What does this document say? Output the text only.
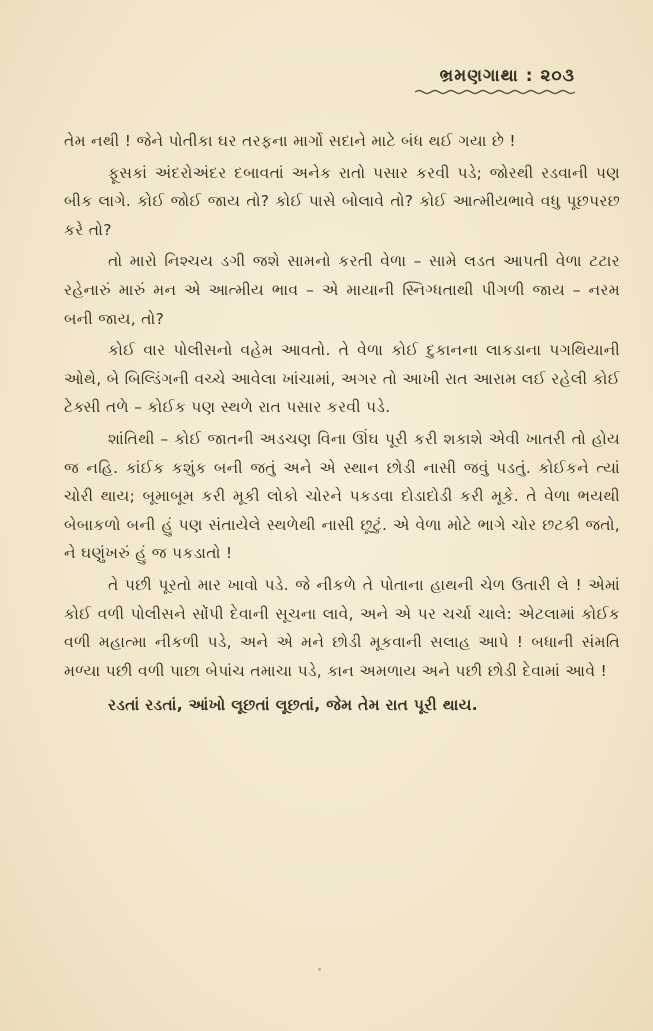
ભ્રમણગાથા : ૨૦૩

તેમ નથી ! જેને પોતીકા ઘર તરફના માર્ગો સદાને માટે બંધ થઈ ગયા છે !

ફૂસકાં અંદરોઅંદર દબાવતાં અનેક રાતો પસાર કરવી પડે; જોરથી રડવાની પણ બીક લાગે. કોઈ જોઈ જાય તો? કોઈ પાસે બોલાવે તો? કોઈ આત્મીયભાવે વધુ પૂછપરછ કરે તો?

તો મારો નિશ્ચય ડગી જશે સામનો કરતી વેળા – સામે લડત આપતી વેળા ટટાર રહેનારું મારું મન એ આત્મીય ભાવ – એ માયાની સ્નિગ્ધતાથી પીગળી જાય – નરમ બની જાય, તો?

કોઈ વાર પોલીસનો વહેમ આવતો. તે વેળા કોઈ દુકાનના લાકડાના પગથિયાની ઓથે, બે બિલ્ડિંગની વચ્ચે આવેલા ખાંચામાં, અગર તો આખી રાત આરામ લઈ રહેલી કોઈ ટેક્સી તળે – કોઈક પણ સ્થળે રાત પસાર કરવી પડે.

શાંતિથી – કોઈ જાતની અડચણ વિના ઊંઘ પૂરી કરી શકાશે એવી ખાતરી તો હોય જ નહિ. કાંઈક કશુંક બની જતું અને એ સ્થાન છોડી નાસી જવું પડતું. કોઈકને ત્યાં ચોરી થાય; બૂમાબૂમ કરી મૂકી લોકો ચોરને પકડવા દોડાદોડી કરી મૂકે. તે વેળા ભયથી બેબાકળો બની હું પણ સંતાયેલે સ્થળેથી નાસી છૂટું. એ વેળા મોટે ભાગે ચોર છટકી જતો, ને ઘણુંખરું હું જ પકડાતો !

તે પછી પૂરતો માર ખાવો પડે. જે નીકળે તે પોતાના હાથની ચેળ ઉતારી લે ! એમાં કોઈ વળી પોલીસને સોંપી દેવાની સૂચના લાવે, અને એ પર ચર્ચા ચાલે: એટલામાં કોઈક વળી મહાત્મા નીકળી પડે, અને એ મને છોડી મૂકવાની સલાહ આપે ! બધાની સંમતિ મળ્યા પછી વળી પાછા બેપાંચ તમાચા પડે, કાન અમળાય અને પછી છોડી દેવામાં આવે !

રડતાં રડતાં, આંખો લૂછતાં લૂછતાં, જેમ તેમ રાત પૂરી થાય.
